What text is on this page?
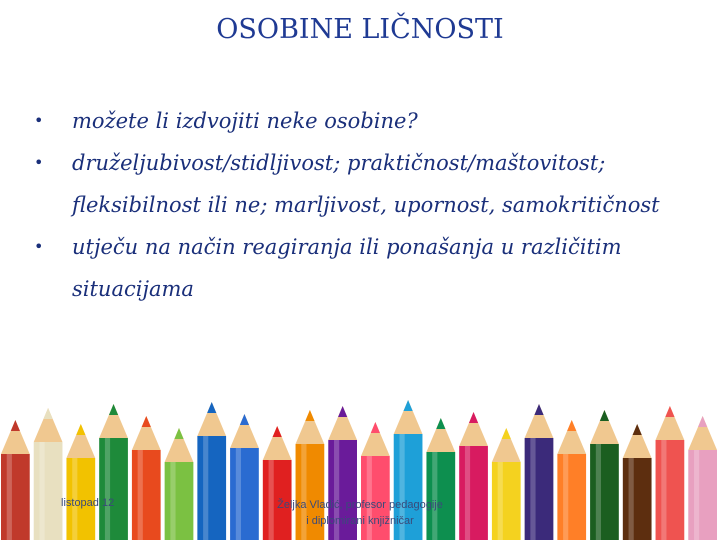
OSOBINE LIČNOSTI
• možete li izdvojiti neke osobine?
• druželjubivost/stidljivost; praktičnost/maštovitost;
fleksibilnost ili ne; marljivost, upornost, samokritičnost
• utječu na način reagiranja ili ponašanja u različitim
situacijama
listopad 12	Željka Vladić, profesor pedagogije
i diplomirani knjižničar
